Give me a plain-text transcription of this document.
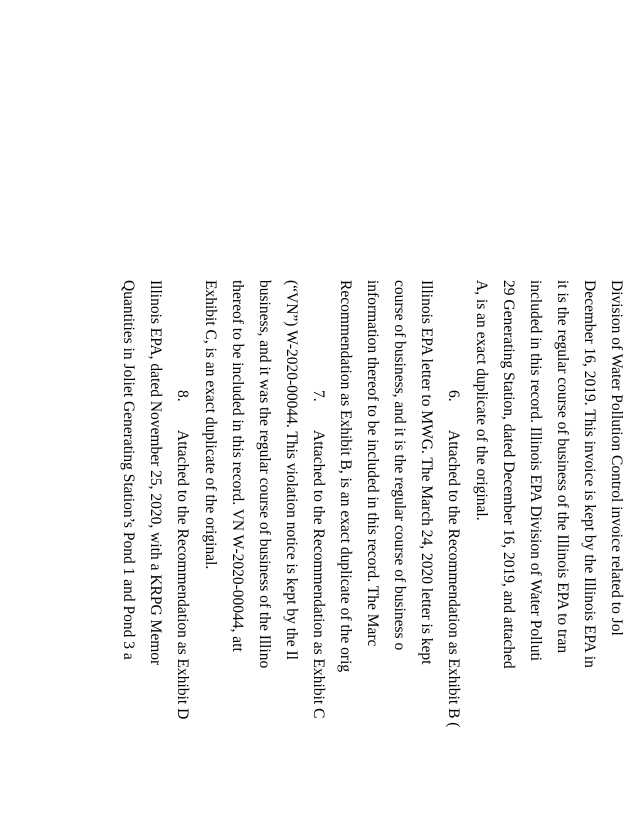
Division of Water Pollution Control invoice related to Jol
December 16, 2019. This invoice is kept by the Illinois EPA in
it is the regular course of business of the Illinois EPA to tran
included in this record. Illinois EPA Division of Water Polluti
29 Generating Station, dated December 16, 2019, and attached
A, is an exact duplicate of the original.
6.Attached to the Recommendation as Exhibit B (
Illinois EPA letter to MWG. The March 24, 2020 letter is kept
course of business, and it is the regular course of business o
information thereof to be included in this record. The Marc
Recommendation as Exhibit B, is an exact duplicate of the orig
7.Attached to the Recommendation as Exhibit C
(“VN”) W-2020-00044. This violation notice is kept by the Il
business, and it was the regular course of business of the Illino
thereof to be included in this record. VN W-2020-00044, att
Exhibit C, is an exact duplicate of the original.
8.Attached to the Recommendation as Exhibit D
Illinois EPA, dated November 25, 2020, with a KRPG Memor
Quantities in Joliet Generating Station’s Pond 1 and Pond 3 a
